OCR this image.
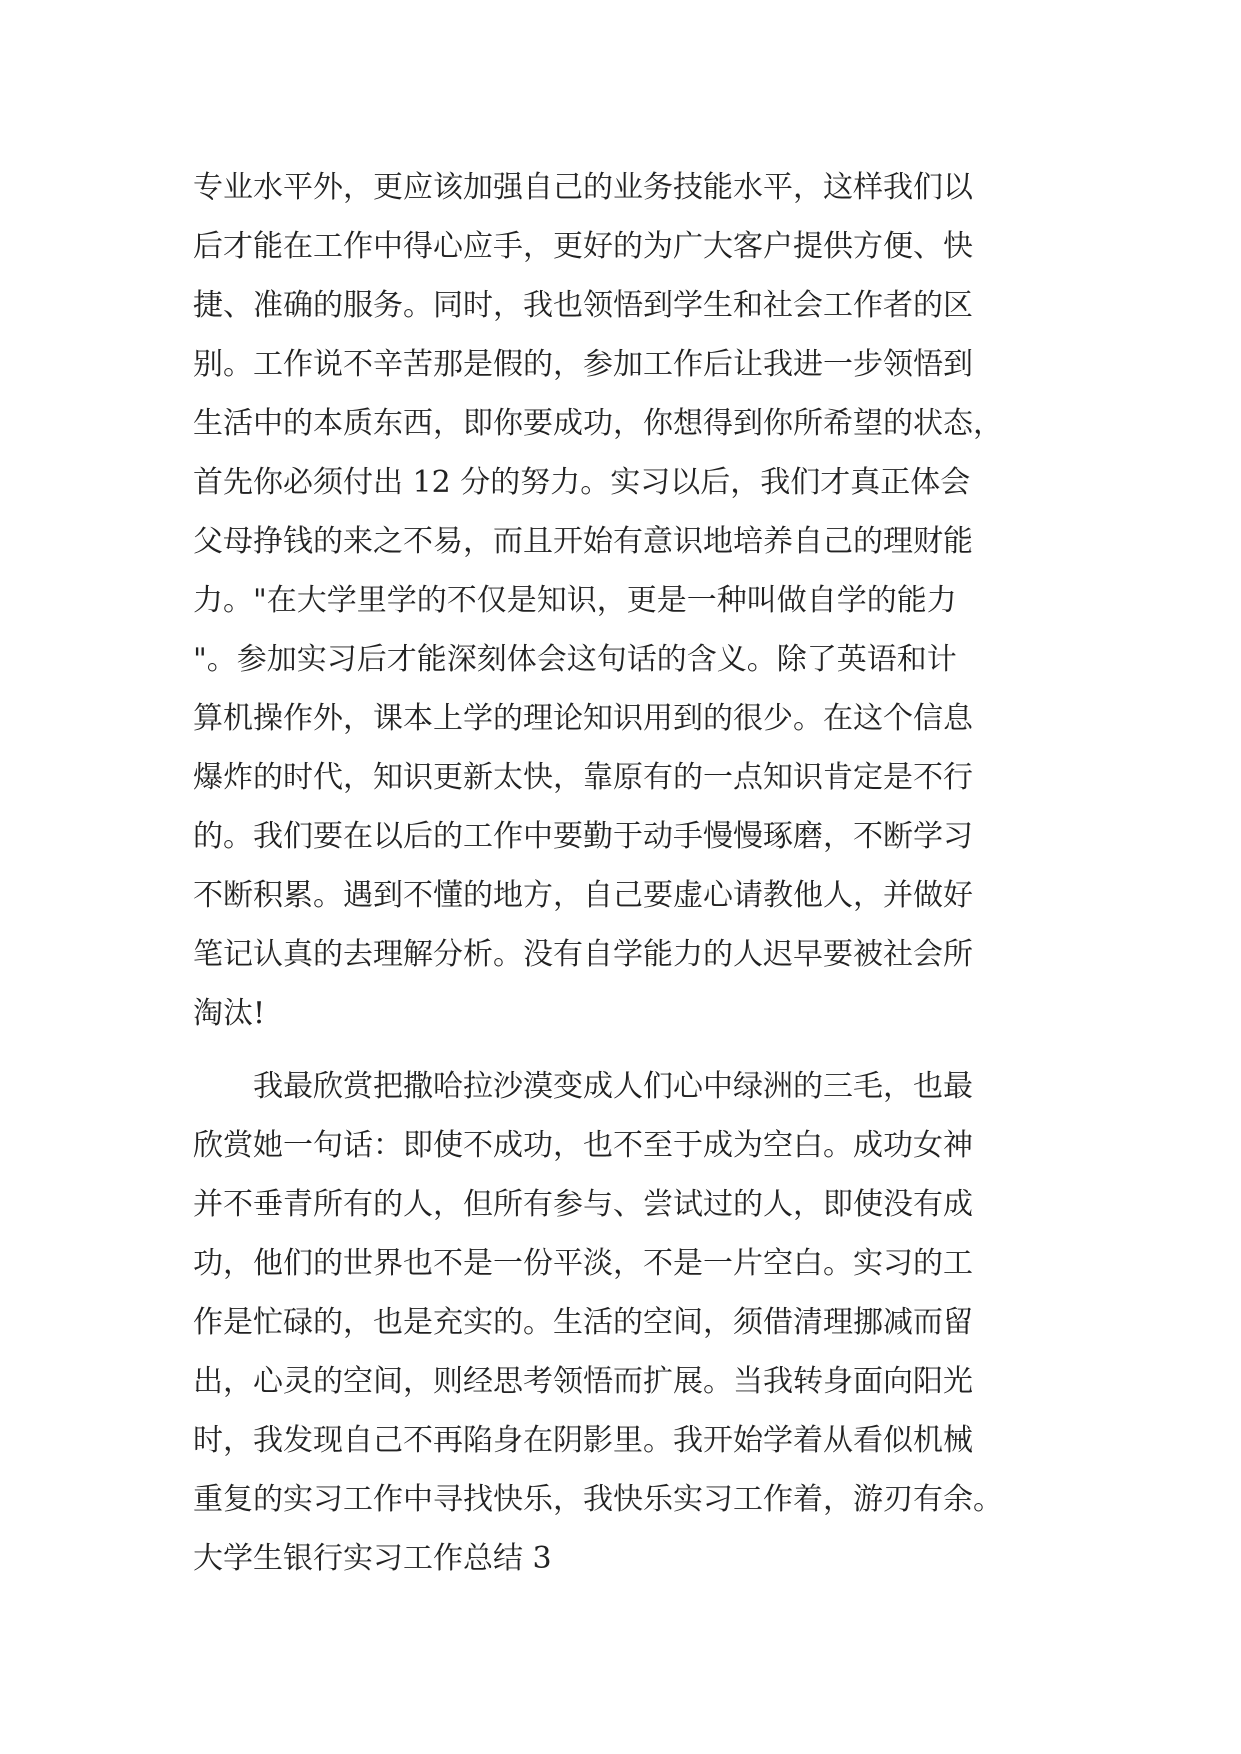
专业水平外，更应该加强自己的业务技能水平，这样我们以
后才能在工作中得心应手，更好的为广大客户提供方便、快
捷、准确的服务。同时，我也领悟到学生和社会工作者的区
别。工作说不辛苦那是假的，参加工作后让我进一步领悟到
生活中的本质东西，即你要成功，你想得到你所希望的状态，
首先你必须付出 12 分的努力。实习以后，我们才真正体会
父母挣钱的来之不易，而且开始有意识地培养自己的理财能
力。"在大学里学的不仅是知识，更是一种叫做自学的能力
"。参加实习后才能深刻体会这句话的含义。除了英语和计
算机操作外，课本上学的理论知识用到的很少。在这个信息
爆炸的时代，知识更新太快，靠原有的一点知识肯定是不行
的。我们要在以后的工作中要勤于动手慢慢琢磨，不断学习
不断积累。遇到不懂的地方，自己要虚心请教他人，并做好
笔记认真的去理解分析。没有自学能力的人迟早要被社会所
淘汰!
　　我最欣赏把撒哈拉沙漠变成人们心中绿洲的三毛，也最
欣赏她一句话：即使不成功，也不至于成为空白。成功女神
并不垂青所有的人，但所有参与、尝试过的人，即使没有成
功，他们的世界也不是一份平淡，不是一片空白。实习的工
作是忙碌的，也是充实的。生活的空间，须借清理挪减而留
出，心灵的空间，则经思考领悟而扩展。当我转身面向阳光
时，我发现自己不再陷身在阴影里。我开始学着从看似机械
重复的实习工作中寻找快乐，我快乐实习工作着，游刃有余。
大学生银行实习工作总结 3
